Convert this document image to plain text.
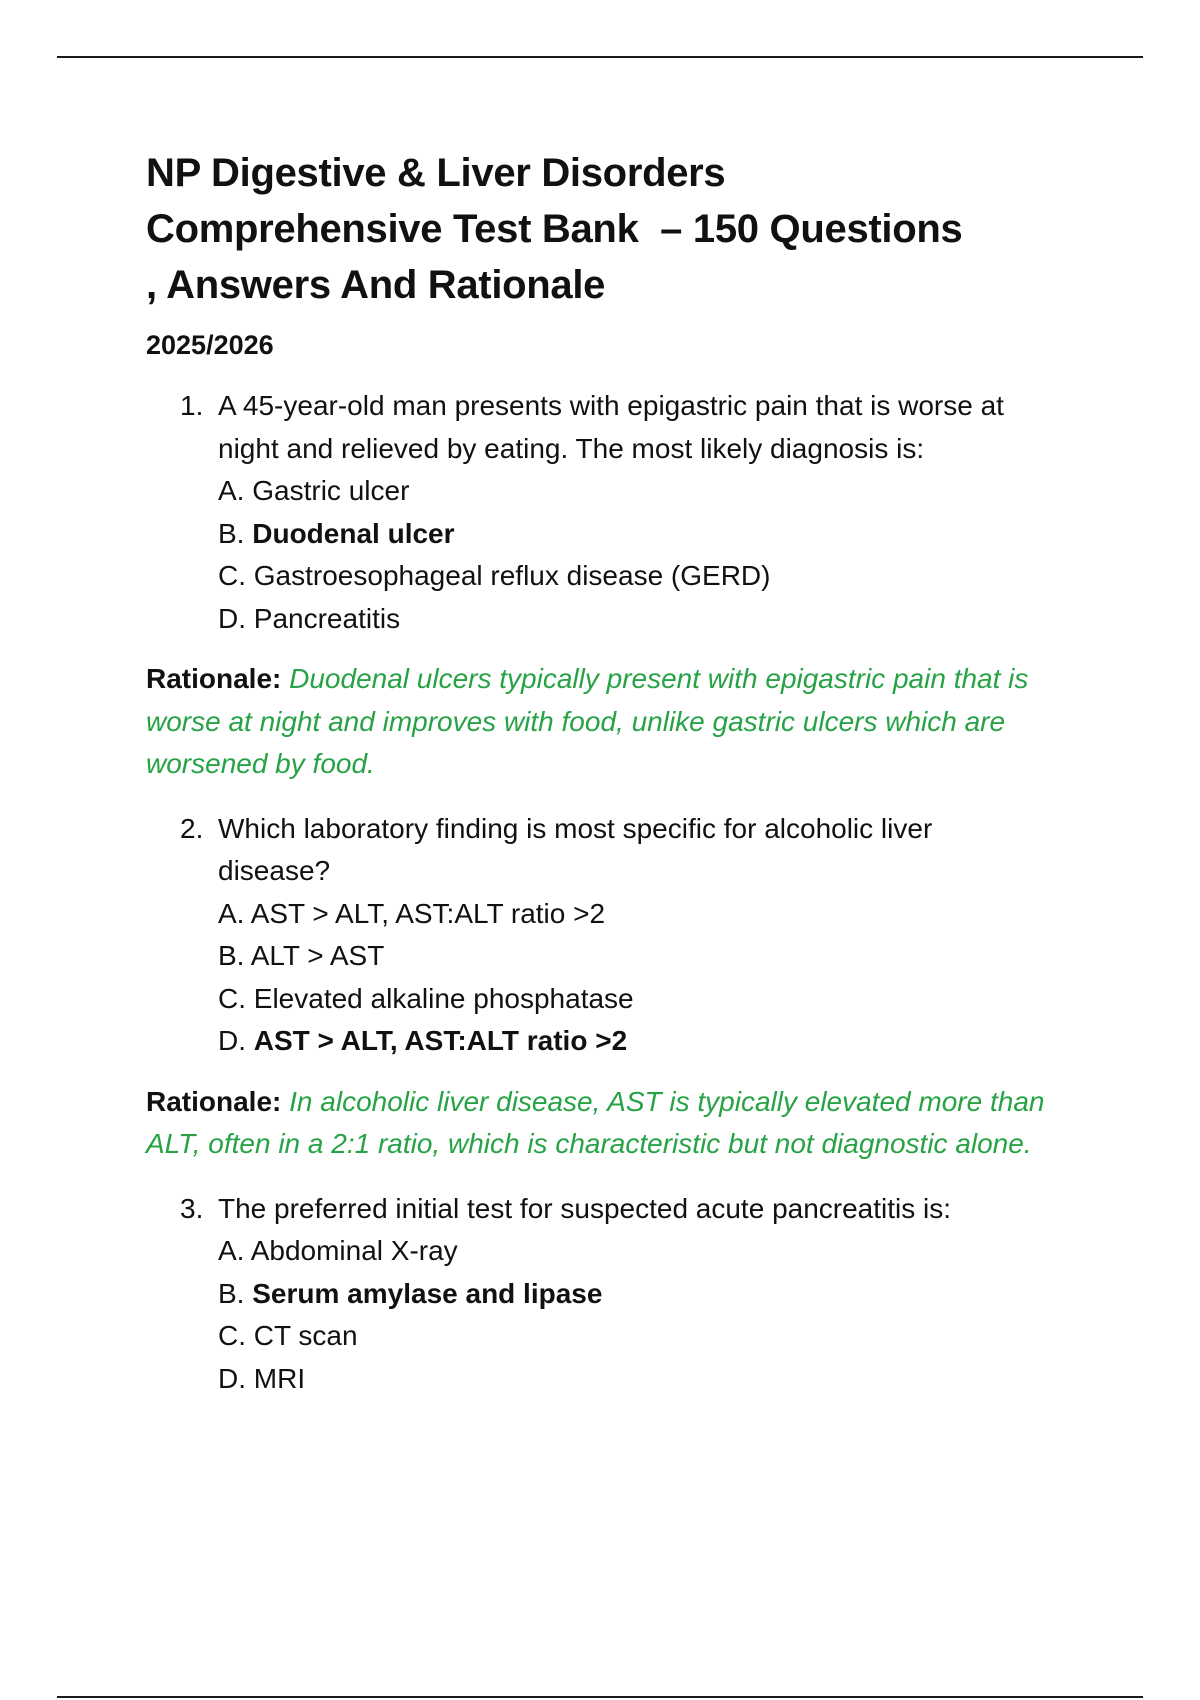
NP Digestive & Liver Disorders
Comprehensive Test Bank  – 150 Questions
, Answers And Rationale
2025/2026
1. A 45-year-old man presents with epigastric pain that is worse at
night and relieved by eating. The most likely diagnosis is:
A. Gastric ulcer
B. Duodenal ulcer
C. Gastroesophageal reflux disease (GERD)
D. Pancreatitis
Rationale: Duodenal ulcers typically present with epigastric pain that is
worse at night and improves with food, unlike gastric ulcers which are
worsened by food.
2. Which laboratory finding is most specific for alcoholic liver
disease?
A. AST > ALT, AST:ALT ratio >2
B. ALT > AST
C. Elevated alkaline phosphatase
D. AST > ALT, AST:ALT ratio >2
Rationale: In alcoholic liver disease, AST is typically elevated more than
ALT, often in a 2:1 ratio, which is characteristic but not diagnostic alone.
3. The preferred initial test for suspected acute pancreatitis is:
A. Abdominal X-ray
B. Serum amylase and lipase
C. CT scan
D. MRI
